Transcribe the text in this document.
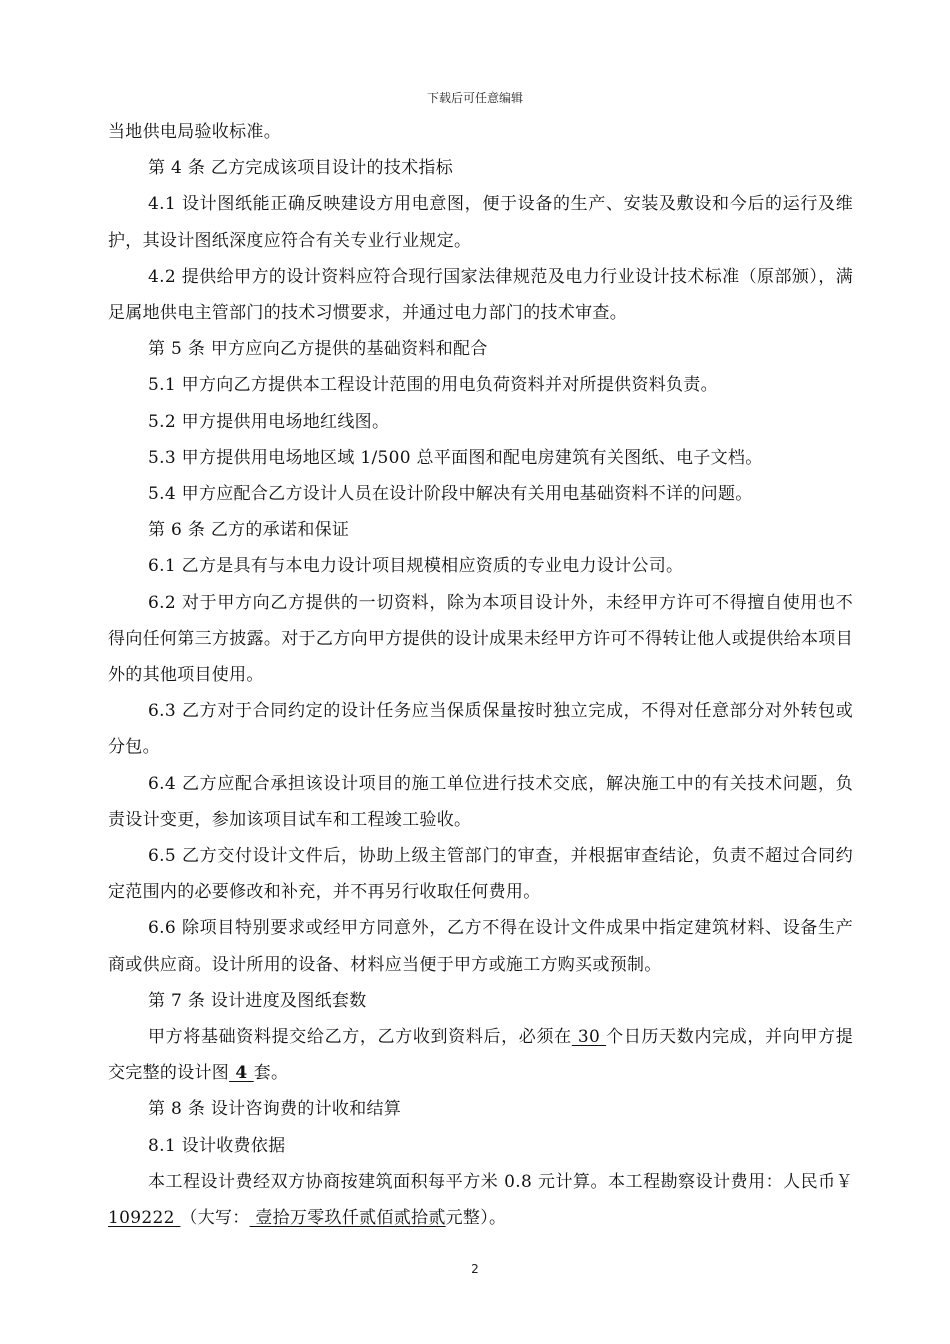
下载后可任意编辑

当地供电局验收标准。

第 4 条 乙方完成该项目设计的技术指标

4.1 设计图纸能正确反映建设方用电意图，便于设备的生产、安装及敷设和今后的运行及维护，其设计图纸深度应符合有关专业行业规定。

4.2 提供给甲方的设计资料应符合现行国家法律规范及电力行业设计技术标准（原部颁），满足属地供电主管部门的技术习惯要求，并通过电力部门的技术审查。

第 5 条 甲方应向乙方提供的基础资料和配合

5.1 甲方向乙方提供本工程设计范围的用电负荷资料并对所提供资料负责。

5.2 甲方提供用电场地红线图。

5.3 甲方提供用电场地区域 1/500 总平面图和配电房建筑有关图纸、电子文档。

5.4 甲方应配合乙方设计人员在设计阶段中解决有关用电基础资料不详的问题。

第 6 条 乙方的承诺和保证

6.1 乙方是具有与本电力设计项目规模相应资质的专业电力设计公司。

6.2 对于甲方向乙方提供的一切资料，除为本项目设计外，未经甲方许可不得擅自使用也不得向任何第三方披露。对于乙方向甲方提供的设计成果未经甲方许可不得转让他人或提供给本项目外的其他项目使用。

6.3 乙方对于合同约定的设计任务应当保质保量按时独立完成，不得对任意部分对外转包或分包。

6.4 乙方应配合承担该设计项目的施工单位进行技术交底，解决施工中的有关技术问题，负责设计变更，参加该项目试车和工程竣工验收。

6.5 乙方交付设计文件后，协助上级主管部门的审查，并根据审查结论，负责不超过合同约定范围内的必要修改和补充，并不再另行收取任何费用。

6.6 除项目特别要求或经甲方同意外，乙方不得在设计文件成果中指定建筑材料、设备生产商或供应商。设计所用的设备、材料应当便于甲方或施工方购买或预制。

第 7 条 设计进度及图纸套数

甲方将基础资料提交给乙方，乙方收到资料后，必须在 30 个日历天数内完成，并向甲方提交完整的设计图 4 套。

第 8 条 设计咨询费的计收和结算

8.1 设计收费依据

本工程设计费经双方协商按建筑面积每平方米 0.8 元计算。本工程勘察设计费用：人民币￥ 109222 （大写： 壹拾万零玖仟贰佰贰拾贰元整）。

2
